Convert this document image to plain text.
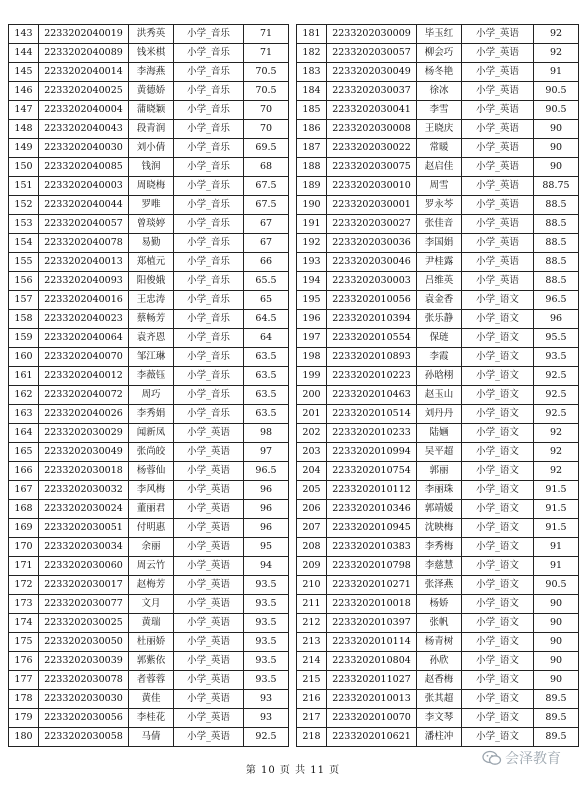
143	2233202040019	洪秀英	小学_音乐	71
144	2233202040089	钱米棋	小学_音乐	71
145	2233202040014	李海燕	小学_音乐	70.5
146	2233202040025	黄德娇	小学_音乐	70.5
147	2233202040004	蒲晓颖	小学_音乐	70
148	2233202040043	段青润	小学_音乐	70
149	2233202040030	刘小倩	小学_音乐	69.5
150	2233202040085	钱润	小学_音乐	68
151	2233202040003	周晓梅	小学_音乐	67.5
152	2233202040044	罗唯	小学_音乐	67.5
153	2233202040057	曾琰婷	小学_音乐	67
154	2233202040078	易勤	小学_音乐	67
155	2233202040013	郑植元	小学_音乐	66
156	2233202040093	阳俊娥	小学_音乐	65.5
157	2233202040016	王忠涛	小学_音乐	65
158	2233202040023	蔡畅芳	小学_音乐	64.5
159	2233202040064	袁齐恩	小学_音乐	64
160	2233202040070	邹江琳	小学_音乐	63.5
161	2233202040012	李薇钰	小学_音乐	63.5
162	2233202040072	周巧	小学_音乐	63.5
163	2233202040026	李秀娟	小学_音乐	63.5
164	2233202030029	闻新凤	小学_英语	98
165	2233202030049	张尚皎	小学_英语	97
166	2233202030018	杨蓉仙	小学_英语	96.5
167	2233202030032	李风梅	小学_英语	96
168	2233202030024	董丽君	小学_英语	96
169	2233202030051	付明惠	小学_英语	96
170	2233202030034	余丽	小学_英语	95
171	2233202030060	周云竹	小学_英语	94
172	2233202030017	赵梅芳	小学_英语	93.5
173	2233202030077	文月	小学_英语	93.5
174	2233202030025	黄瑞	小学_英语	93.5
175	2233202030050	杜丽娇	小学_英语	93.5
176	2233202030039	郭紫依	小学_英语	93.5
177	2233202030078	者蓉蓉	小学_英语	93.5
178	2233202030030	黄佳	小学_英语	93
179	2233202030056	李桂花	小学_英语	93
180	2233202030058	马倩	小学_英语	92.5
181	2233202030009	毕玉红	小学_英语	92
182	2233202030057	柳会巧	小学_英语	92
183	2233202030049	杨冬艳	小学_英语	91
184	2233202030037	徐冰	小学_英语	90.5
185	2233202030041	李雪	小学_英语	90.5
186	2233202030008	王晓庆	小学_英语	90
187	2233202030022	常暖	小学_英语	90
188	2233202030075	赵启佳	小学_英语	90
189	2233202030010	周雪	小学_英语	88.75
190	2233202030001	罗永芩	小学_英语	88.5
191	2233202030027	张佳音	小学_英语	88.5
192	2233202030036	李国娟	小学_英语	88.5
193	2233202030046	尹桂露	小学_英语	88.5
194	2233202030003	吕维英	小学_英语	88.5
195	2233202010056	袁金香	小学_语文	96.5
196	2233202010394	张乐静	小学_语文	96
197	2233202010554	保琏	小学_语文	95.5
198	2233202010893	李霞	小学_语文	93.5
199	2233202010223	孙晗栩	小学_语文	92.5
200	2233202010463	赵玉山	小学_语文	92.5
201	2233202010514	刘丹丹	小学_语文	92.5
202	2233202010233	陆婳	小学_语文	92
203	2233202010994	吴平超	小学_语文	92
204	2233202010754	郭丽	小学_语文	92
205	2233202010112	李丽珠	小学_语文	91.5
206	2233202010346	郭靖媛	小学_语文	91.5
207	2233202010945	沈映梅	小学_语文	91.5
208	2233202010383	李秀梅	小学_语文	91
209	2233202010798	李慈慧	小学_语文	91
210	2233202010271	张泽燕	小学_语文	90.5
211	2233202010018	杨娇	小学_语文	90
212	2233202010397	张帆	小学_语文	90
213	2233202010114	杨青树	小学_语文	90
214	2233202010804	孙欣	小学_语文	90
215	2233202011027	赵香梅	小学_语文	90
216	2233202010013	张其超	小学_语文	89.5
217	2233202010070	李文琴	小学_语文	89.5
218	2233202010621	潘柱冲	小学_语文	89.5
第 10 页 共 11 页
会泽教育
